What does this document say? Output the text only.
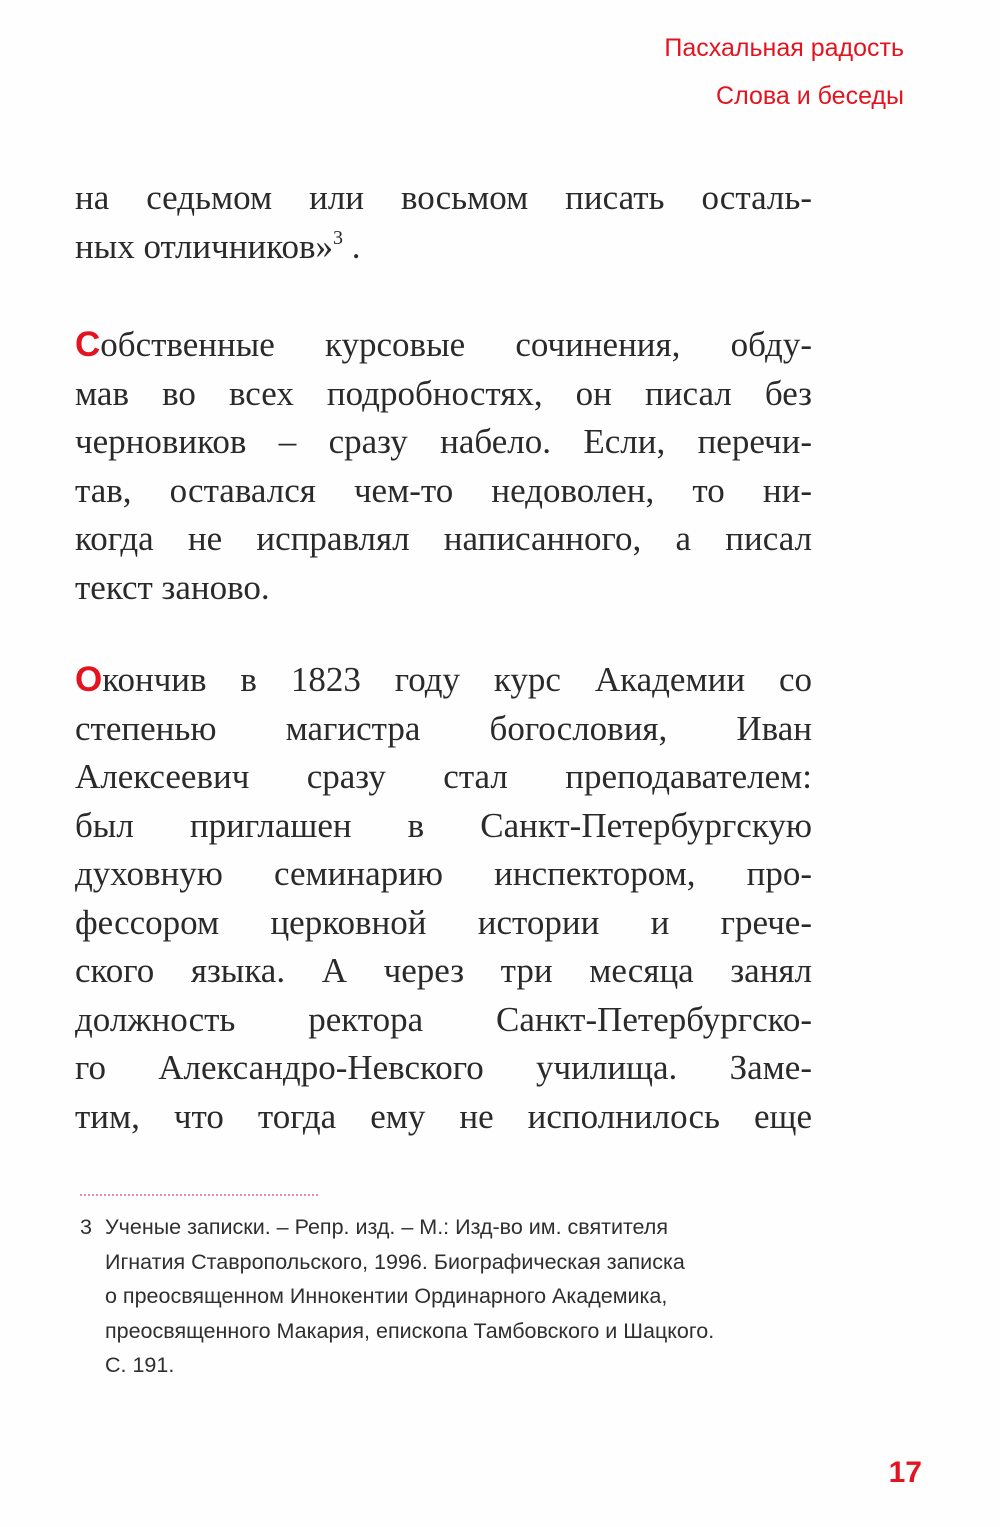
Пасхальная радость
Слова и беседы
на седьмом или восьмом писать осталь-
ных отличников»$^3$ .
Собственные курсовые сочинения, обду-
мав во всех подробностях, он писал без
черновиков – сразу набело. Если, перечи-
тав, оставался чем-то недоволен, то ни-
когда не исправлял написанного, а писал
текст заново.
Окончив в 1823 году курс Академии со
степенью магистра богословия, Иван
Алексеевич сразу стал преподавателем:
был приглашен в Санкт-Петербургскую
духовную семинарию инспектором, про-
фессором церковной истории и грече-
ского языка. А через три месяца занял
должность ректора Санкт-Петербургско-
го Александро-Невского училища. Заме-
тим, что тогда ему не исполнилось еще
3 Ученые записки. – Репр. изд. – М.: Изд-во им. святителя
Игнатия Ставропольского, 1996. Биографическая записка
о преосвященном Иннокентии Ординарного Академика,
преосвященного Макария, епископа Тамбовского и Шацкого.
С. 191.
17
